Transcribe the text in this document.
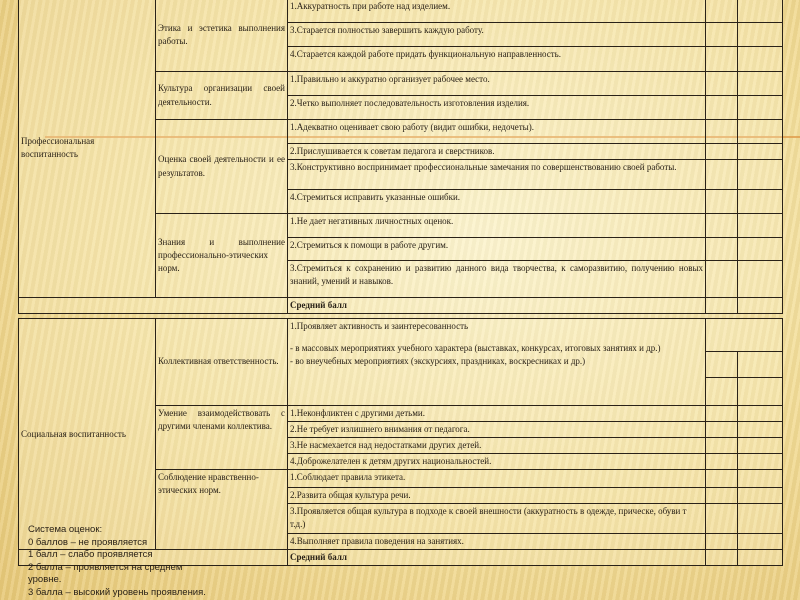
Профессиональная воспитанность	Этика и эстетика выполнения работы.	1.Аккуратность при работе над изделием.		
		3.Старается полностью завершить каждую работу.		
		4.Старается каждой работе придать функциональную направленность.		
	Культура организации своей деятельности.	1.Правильно и аккуратно организует рабочее место.		
		2.Четко выполняет последовательность изготовления изделия.		
	Оценка своей деятельности и ее результатов.	1.Адекватно оценивает свою работу (видит ошибки, недочеты).		
		2.Прислушивается к советам педагога и сверстников.		
		3.Конструктивно воспринимает профессиональные замечания по совершенствованию своей работы.		
		4.Стремиться исправить указанные ошибки.		
	Знания и выполнение профессионально-этических норм.	1.Не дает негативных личностных оценок.		
		2.Стремиться к помощи в работе другим.		
		3.Стремиться к сохранению и развитию данного вида творчества, к саморазвитию, получению новых знаний, умений и навыков.		
		Средний балл		
Социальная воспитанность	Коллективная ответственность.	1.Проявляет активность и заинтересованность
- в массовых мероприятиях учебного характера (выставках, конкурсах, итоговых занятиях и др.)
- во внеучебных мероприятиях (экскурсиях, праздниках, воскресниках и др.)		

	Умение взаимодействовать с другими членами коллектива.	1.Неконфликтен с другими детьми.		
		2.Не требует излишнего внимания от педагога.		
		3.Не насмехается над недостатками других детей.		
		4.Доброжелателен к детям других национальностей.		
	Соблюдение нравственно-этических норм.	1.Соблюдает правила этикета.		
		2.Развита общая культура речи.		
		3.Проявляется общая культура в подходе к своей внешности (аккуратность в одежде, прическе, обуви т т.д.)		
		4.Выполняет правила поведения на занятиях.		
		Средний балл		
Система оценок:
0 баллов – не проявляется
1 балл – слабо проявляется
2 балла – проявляется на среднем уровне.
3 балла – высокий уровень проявления.
